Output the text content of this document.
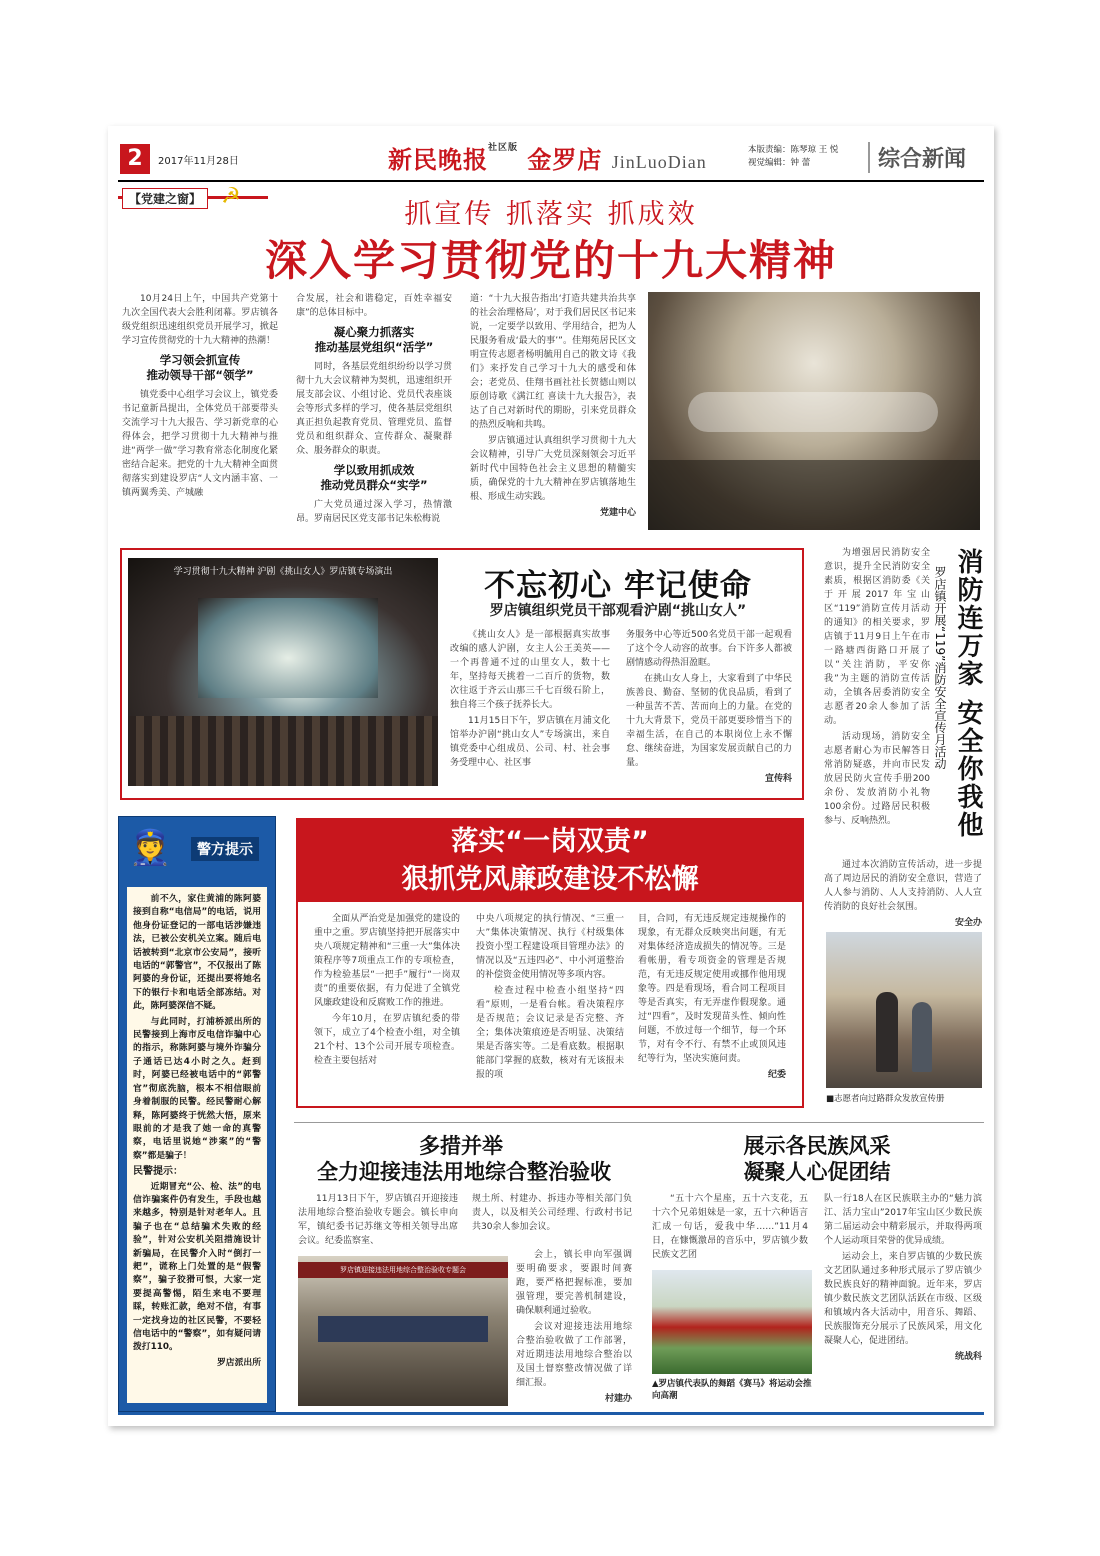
2	2017年11月28日	新民晚报$^{社区版}$ 金罗店 JinLuoDian
本版责编：陈琴琼 王 悦
视觉编辑：钟 蕾	综合新闻
【党建之窗】 ☭
抓宣传 抓落实 抓成效
深入学习贯彻党的十九大精神

10月24日上午，中国共产党第十九次全国代表大会胜利闭幕。罗店镇各级党组织迅速组织党员开展学习，掀起学习宣传贯彻党的十九大精神的热潮！

学习领会抓宣传
推动领导干部“领学”

镇党委中心组学习会议上，镇党委书记童新昌提出，全体党员干部要带头交流学习十九大报告、学习新党章的心得体会，把学习贯彻十九大精神与推进“两学一做”学习教育常态化制度化紧密结合起来。把党的十九大精神全面贯彻落实到建设罗店“人文内涵丰富、一镇两翼秀美、产城融

合发展，社会和谐稳定，百姓幸福安康”的总体目标中。

凝心聚力抓落实
推动基层党组织“活学”

同时，各基层党组织纷纷以学习贯彻十九大会议精神为契机，迅速组织开展支部会议、小组讨论、党员代表座谈会等形式多样的学习，使各基层党组织真正担负起教育党员、管理党员、监督党员和组织群众、宣传群众、凝聚群众、服务群众的职责。

学以致用抓成效
推动党员群众“实学”

广大党员通过深入学习，热情激昂。罗南居民区党支部书记朱松梅说

道：“十九大报告指出‘打造共建共治共享的社会治理格局’，对于我们居民区书记来说，一定要学以致用、学用结合，把为人民服务看成‘最大的事’”。佳翔苑居民区文明宣传志愿者杨明毓用自己的散文诗《我们》来抒发自己学习十九大的感受和体会；老党员、佳翔书画社社长贺德山则以原创诗歌《满江红 喜读十九大报告》，表达了自己对新时代的期盼，引来党员群众的热烈反响和共鸣。

罗店镇通过认真组织学习贯彻十九大会议精神，引导广大党员深刻领会习近平新时代中国特色社会主义思想的精髓实质，确保党的十九大精神在罗店镇落地生根、形成生动实践。

党建中心
学习贯彻十九大精神 沪剧《挑山女人》罗店镇专场演出	不忘初心 牢记使命
罗店镇组织党员干部观看沪剧“挑山女人”

《挑山女人》是一部根据真实故事改编的感人沪剧，女主人公王美英——一个再普通不过的山里女人，数十七年，坚持每天挑着一二百斤的货物，数次往返于齐云山那三千七百级石阶上，独自将三个孩子抚养长大。

11月15日下午，罗店镇在月浦文化馆举办沪剧“挑山女人”专场演出，来自镇党委中心组成员、公司、村、社会事务受理中心、社区事

务服务中心等近500名党员干部一起观看了这个令人动容的故事。台下许多人都被剧情感动得热泪盈眶。

在挑山女人身上，大家看到了中华民族善良、勤奋、坚韧的优良品质，看到了一种虽苦不苦、苦而向上的力量。在党的十九大背景下，党员干部更要珍惜当下的幸福生活，在自己的本职岗位上永不懈怠、继续奋进，为国家发展贡献自己的力量。

宣传科

为增强居民消防安全意识，提升全民消防安全素质，根据区消防委《关于开展2017年宝山区“119”消防宣传月活动的通知》的相关要求，罗店镇于11月9日上午在市一路塘西街路口开展了以“关注消防，平安你我”为主题的消防宣传活动，全镇各居委消防安全志愿者20余人参加了活动。

活动现场，消防安全志愿者耐心为市民解答日常消防疑惑，并向市民发放居民防火宣传手册200余份、发放消防小礼物100余份。过路居民积极参与、反响热烈。	消防连万家 安全你我他
罗店镇开展“119”消防安全宣传月活动

通过本次消防宣传活动，进一步提高了周边居民的消防安全意识，营造了人人参与消防、人人支持消防、人人宣传消防的良好社会氛围。

安全办
■志愿者向过路群众发放宣传册
👮	警方提示

前不久，家住黄浦的陈阿婆接到自称“电信局”的电话，说用他身份证登记的一部电话涉嫌违法，已被公安机关立案。随后电话被转到“北京市公安局”，接听电话的“郭警官”，不仅报出了陈阿婆的身份证，还提出要将她名下的银行卡和电话全部冻结。对此，陈阿婆深信不疑。

与此同时，打浦桥派出所的民警接到上海市反电信诈骗中心的指示，称陈阿婆与境外诈骗分子通话已达4小时之久。赶到时，阿婆已经被电话中的“郭警官”彻底洗脑，根本不相信眼前身着制服的民警。经民警耐心解释，陈阿婆终于恍然大悟，原来眼前的才是我了她一命的真警察，电话里说她“涉案”的“警察”都是骗子！

民警提示：

近期冒充“公、检、法”的电信诈骗案件仍有发生，手段也越来越多，特别是针对老年人。且骗子也在“总结骗术失败的经验”，针对公安机关阻措施设计新骗局，在民警介入时“倒打一耙”，谎称上门处置的是“假警察”，骗子狡猾可恨，大家一定要提高警惕，陌生来电不要理睬，转账汇款，绝对不信，有事一定找身边的社区民警，不要轻信电话中的“警察”，如有疑问请拨打110。

罗店派出所
落实“一岗双责”
狠抓党风廉政建设不松懈

全面从严治党是加强党的建设的重中之重。罗店镇坚持把开展落实中央八项规定精神和“三重一大”集体决策程序等7项重点工作的专项检查，作为检验基层“一把手”履行“一岗双责”的重要依据，有力促进了全镇党风廉政建设和反腐败工作的推进。

今年10月，在罗店镇纪委的带领下，成立了4个检查小组，对全镇21个村、13个公司开展专项检查。检查主要包括对

中央八项规定的执行情况、“三重一大”集体决策情况、执行《村级集体投资小型工程建设项目管理办法》的情况以及“五违四必”、中小河道整治的补偿资金使用情况等多项内容。

检查过程中检查小组坚持“四看”原则，一是看台帐。看决策程序是否规范；会议记录是否完整、齐全；集体决策痕迹是否明显、决策结果是否落实等。二是看底数。根据职能部门掌握的底数，核对有无该报未报的项

目，合同，有无违反规定违规操作的现象，有无群众反映突出问题，有无对集体经济造成损失的情况等。三是看帐册，看专项资金的管理是否规范，有无违反规定使用或挪作他用现象等。四是看现场，看合同工程项目等是否真实，有无弄虚作假现象。通过“四看”，及时发现苗头性、倾向性问题，不放过每一个细节，每一个环节，对有令不行、有禁不止或顶风违纪等行为，坚决实施问责。

纪委
多措并举
全力迎接违法用地综合整治验收

11月13日下午，罗店镇召开迎接违法用地综合整治验收专题会。镇长申向军，镇纪委书记苏继文等相关领导出席会议。纪委监察室、

规土所、村建办、拆违办等相关部门负责人，以及相关公司经理、行政村书记共30余人参加会议。

会上，镇长申向军强调要明确要求，要跟时间赛跑，要严格把握标准，要加强管理，要完善机制建设，确保顺利通过验收。

会议对迎接违法用地综合整治验收做了工作部署，对近期违法用地综合整治以及国土督察整改情况做了详细汇报。

村建办
罗店镇迎接违法用地综合整治验收专题会
展示各民族风采
凝聚人心促团结

“五十六个星座，五十六支花，五十六个兄弟姐妹是一家，五十六种语言汇成一句话，爱我中华……”11月4日，在慷慨激昂的音乐中，罗店镇少数民族文艺团

队一行18人在区民族联主办的“魅力滨江、活力宝山”2017年宝山区少数民族第二届运动会中精彩展示，并取得两项个人运动项目荣誉的优异成绩。

运动会上，来自罗店镇的少数民族文艺团队通过多种形式展示了罗店镇少数民族良好的精神面貌。近年来，罗店镇少数民族文艺团队活跃在市级、区级和镇域内各大活动中，用音乐、舞蹈、民族服饰充分展示了民族风采，用文化凝聚人心，促进团结。

统战科
▲罗店镇代表队的舞蹈《赛马》将运动会推向高潮
